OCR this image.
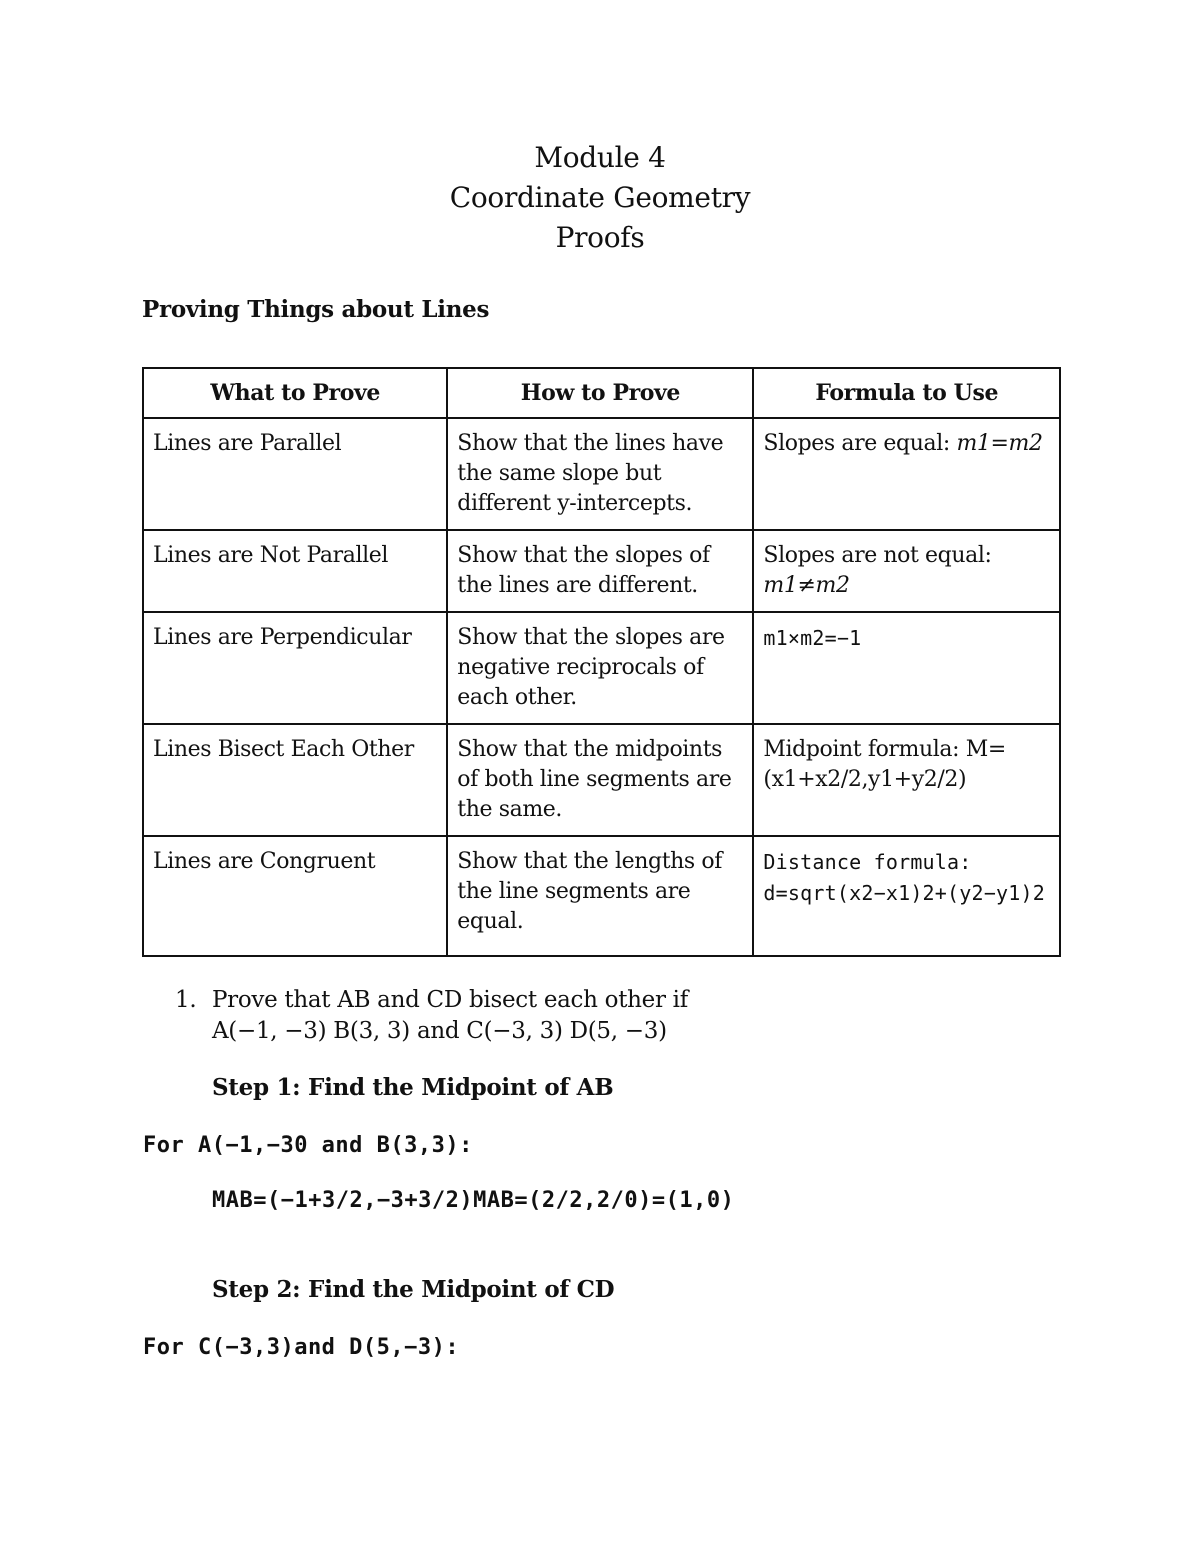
Module 4
Coordinate Geometry
Proofs
Proving Things about Lines
What to Prove	How to Prove	Formula to Use
Lines are Parallel	Show that the lines have the same slope but different y-intercepts.	Slopes are equal: m1=m2
Lines are Not Parallel	Show that the slopes of the lines are different.	Slopes are not equal: m1≠m2
Lines are Perpendicular	Show that the slopes are negative reciprocals of each other.	m1×m2=−1
Lines Bisect Each Other	Show that the midpoints of both line segments are the same.	Midpoint formula: M=(x1+x2/2,y1+y2/2)
Lines are Congruent	Show that the lengths of the line segments are equal.	Distance formula: d=sqrt(x2−x1)2+(y2−y1)2
1. Prove that AB and CD bisect each other if
A(−1, −3) B(3, 3) and C(−3, 3) D(5, −3)
Step 1: Find the Midpoint of AB
For A(−1,−30 and B(3,3):
MAB=(−1+3/2,−3+3/2)MAB=(2/2,2/0)=(1,0)
Step 2: Find the Midpoint of CD
For C(−3,3)and D(5,−3):
